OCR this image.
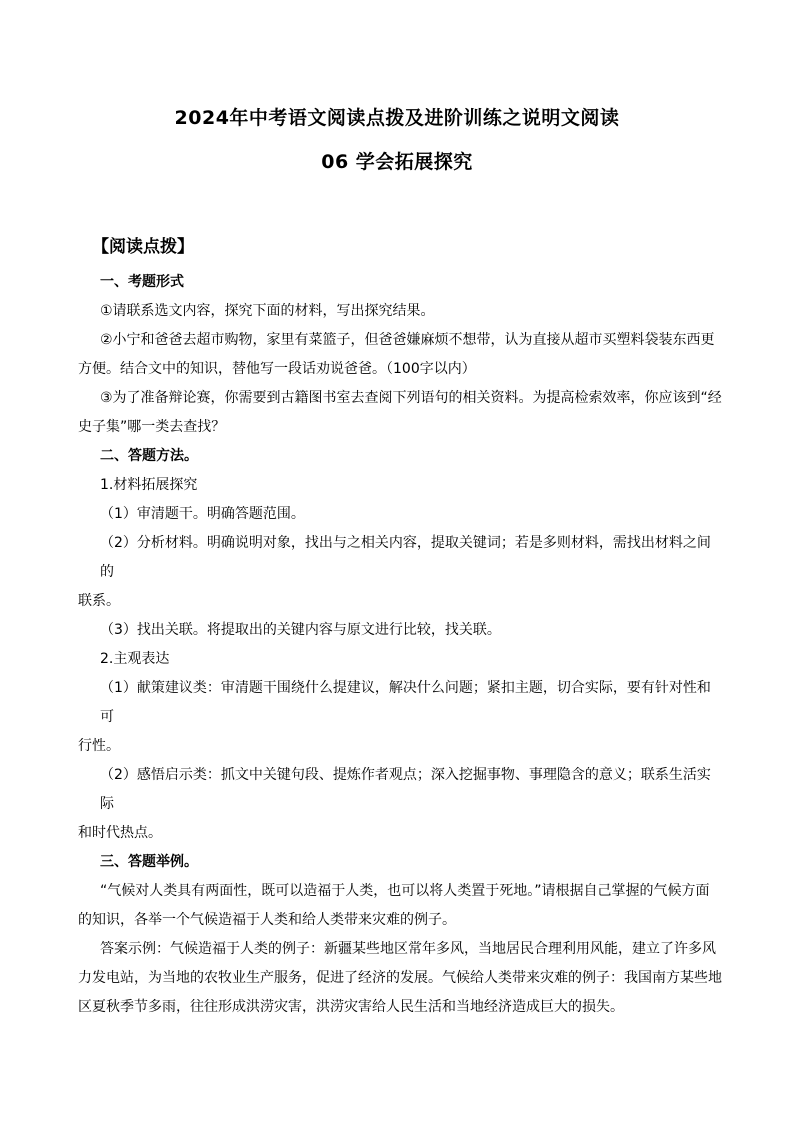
2024年中考语文阅读点拨及进阶训练之说明文阅读
06 学会拓展探究
【阅读点拨】

一、考题形式

①请联系选文内容，探究下面的材料，写出探究结果。

②小宁和爸爸去超市购物，家里有菜篮子，但爸爸嫌麻烦不想带，认为直接从超市买塑料袋装东西更

方便。结合文中的知识，替他写一段话劝说爸爸。（100字以内）

③为了准备辩论赛，你需要到古籍图书室去查阅下列语句的相关资料。为提高检索效率，你应该到“经

史子集”哪一类去查找？

二、答题方法。

1.材料拓展探究

（1）审清题干。明确答题范围。

（2）分析材料。明确说明对象，找出与之相关内容，提取关键词；若是多则材料，需找出材料之间的

联系。

（3）找出关联。将提取出的关键内容与原文进行比较，找关联。

2.主观表达

（1）献策建议类：审清题干围绕什么提建议，解决什么问题；紧扣主题，切合实际，要有针对性和可

行性。

（2）感悟启示类：抓文中关键句段、提炼作者观点；深入挖掘事物、事理隐含的意义；联系生活实际

和时代热点。

三、答题举例。

“气候对人类具有两面性，既可以造福于人类，也可以将人类置于死地。”请根据自己掌握的气候方面

的知识，各举一个气候造福于人类和给人类带来灾难的例子。

答案示例：气候造福于人类的例子：新疆某些地区常年多风，当地居民合理利用风能，建立了许多风

力发电站，为当地的农牧业生产服务，促进了经济的发展。气候给人类带来灾难的例子：我国南方某些地

区夏秋季节多雨，往往形成洪涝灾害，洪涝灾害给人民生活和当地经济造成巨大的损失。
